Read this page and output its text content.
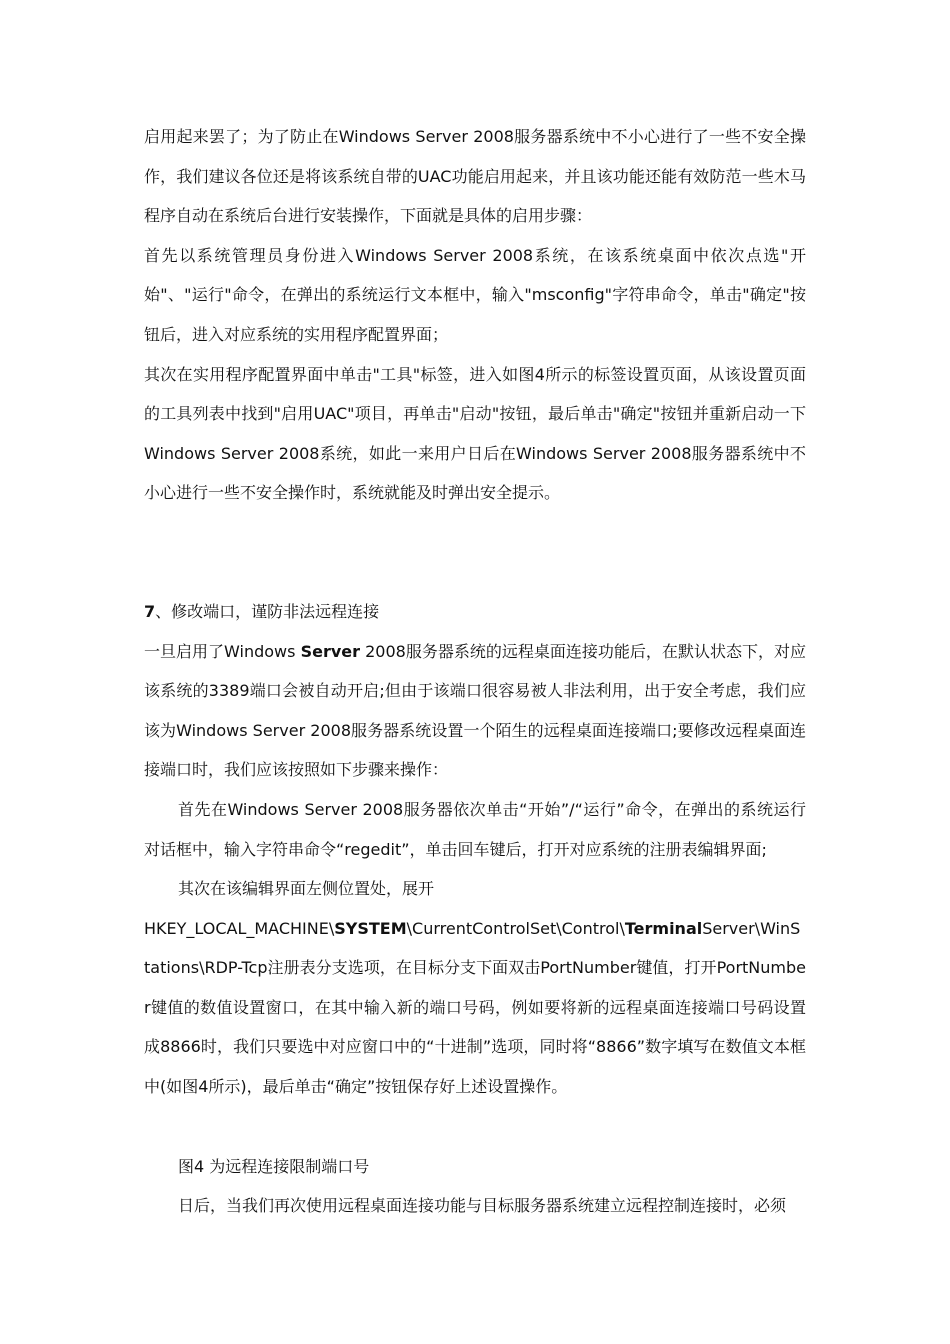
启用起来罢了；为了防止在Windows Server 2008服务器系统中不小心进行了一些不安全操作，我们建议各位还是将该系统自带的UAC功能启用起来，并且该功能还能有效防范一些木马程序自动在系统后台进行安装操作，下面就是具体的启用步骤：

首先以系统管理员身份进入Windows Server 2008系统，在该系统桌面中依次点选"开始"、"运行"命令，在弹出的系统运行文本框中，输入"msconfig"字符串命令，单击"确定"按钮后，进入对应系统的实用程序配置界面；

其次在实用程序配置界面中单击"工具"标签，进入如图4所示的标签设置页面，从该设置页面的工具列表中找到"启用UAC"项目，再单击"启动"按钮，最后单击"确定"按钮并重新启动一下Windows Server 2008系统，如此一来用户日后在Windows Server 2008服务器系统中不小心进行一些不安全操作时，系统就能及时弹出安全提示。

7、修改端口，谨防非法远程连接

一旦启用了Windows Server 2008服务器系统的远程桌面连接功能后，在默认状态下，对应该系统的3389端口会被自动开启;但由于该端口很容易被人非法利用，出于安全考虑，我们应该为Windows Server 2008服务器系统设置一个陌生的远程桌面连接端口;要修改远程桌面连接端口时，我们应该按照如下步骤来操作：

首先在Windows Server 2008服务器依次单击“开始”/“运行”命令，在弹出的系统运行对话框中，输入字符串命令“regedit”，单击回车键后，打开对应系统的注册表编辑界面;

其次在该编辑界面左侧位置处，展开

HKEY_LOCAL_MACHINE\SYSTEM\CurrentControlSet\Control\TerminalServer\WinStations\RDP-Tcp注册表分支选项，在目标分支下面双击PortNumber键值，打开PortNumber键值的数值设置窗口，在其中输入新的端口号码，例如要将新的远程桌面连接端口号码设置成8866时，我们只要选中对应窗口中的“十进制”选项，同时将“8866”数字填写在数值文本框中(如图4所示)，最后单击“确定”按钮保存好上述设置操作。

图4 为远程连接限制端口号

日后，当我们再次使用远程桌面连接功能与目标服务器系统建立远程控制连接时，必须
